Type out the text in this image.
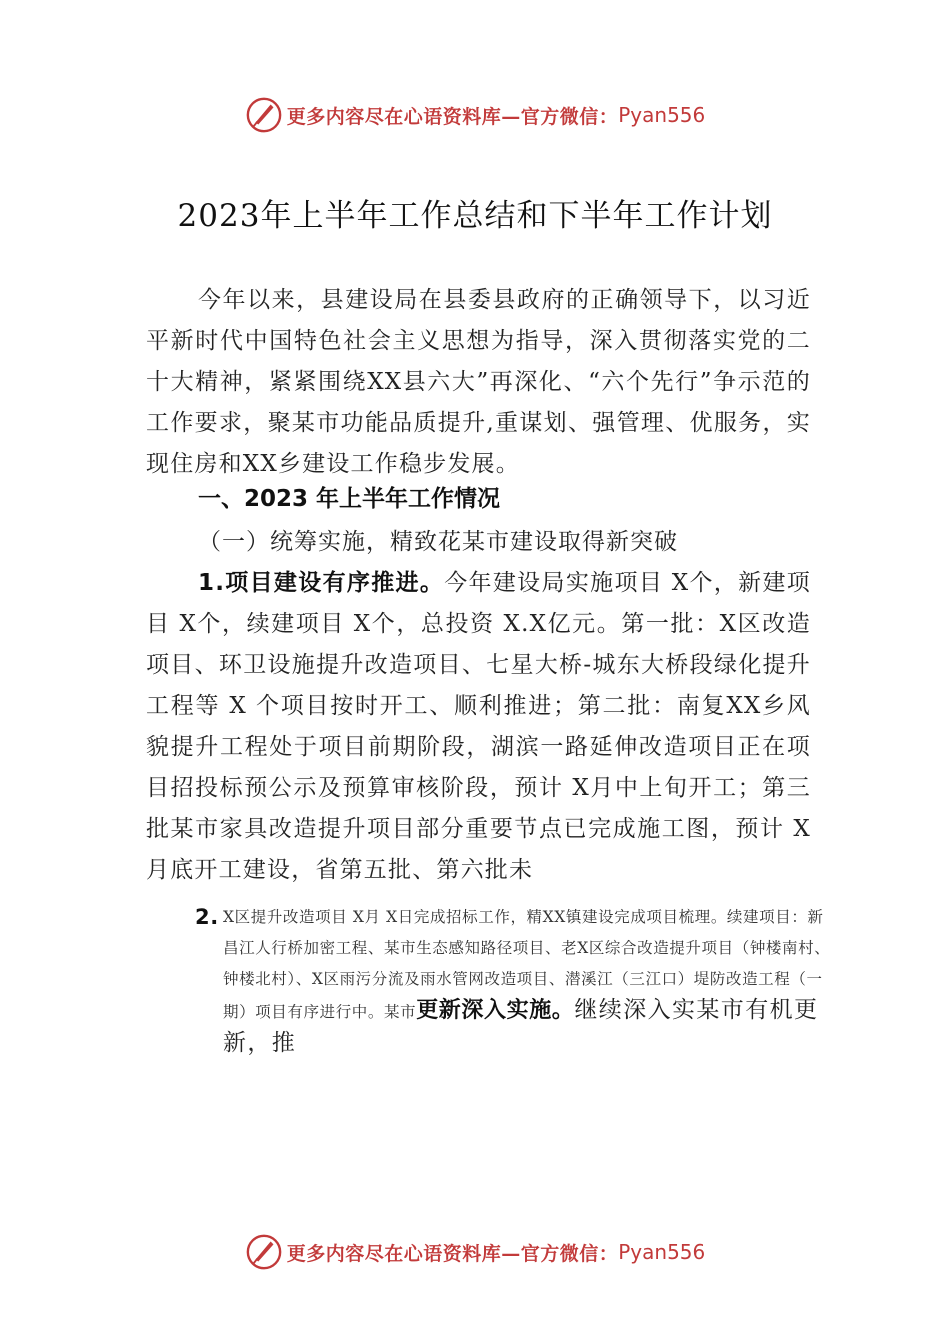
更多内容尽在心语资料库—官方微信： Pyan556
2023年上半年工作总结和下半年工作计划
今年以来，县建设局在县委县政府的正确领导下，以习近平新时代中国特色社会主义思想为指导，深入贯彻落实党的二十大精神，紧紧围绕XX县六大”再深化、“六个先行”争示范的工作要求，聚某市功能品质提升,重谋划、强管理、优服务，实现住房和XX乡建设工作稳步发展。
一、2023 年上半年工作情况
（一）统筹实施，精致花某市建设取得新突破
1.项目建设有序推进。今年建设局实施项目 X个，新建项目 X个，续建项目 X个，总投资 X.X亿元。第一批：X区改造项目、环卫设施提升改造项目、七星大桥-城东大桥段绿化提升工程等 X 个项目按时开工、顺利推进；第二批：南复XX乡风貌提升工程处于项目前期阶段，湖滨一路延伸改造项目正在项目招投标预公示及预算审核阶段，预计 X月中上旬开工；第三批某市家具改造提升项目部分重要节点已完成施工图，预计 X月底开工建设，省第五批、第六批未
2. X区提升改造项目 X月 X日完成招标工作，精XX镇建设完成项目梳理。续建项目：新昌江人行桥加密工程、某市生态感知路径项目、老X区综合改造提升项目（钟楼南村、钟楼北村）、X区雨污分流及雨水管网改造项目、潜溪江（三江口）堤防改造工程（一期）项目有序进行中。某市更新深入实施。继续深入实某市有机更新，推
更多内容尽在心语资料库—官方微信： Pyan556
